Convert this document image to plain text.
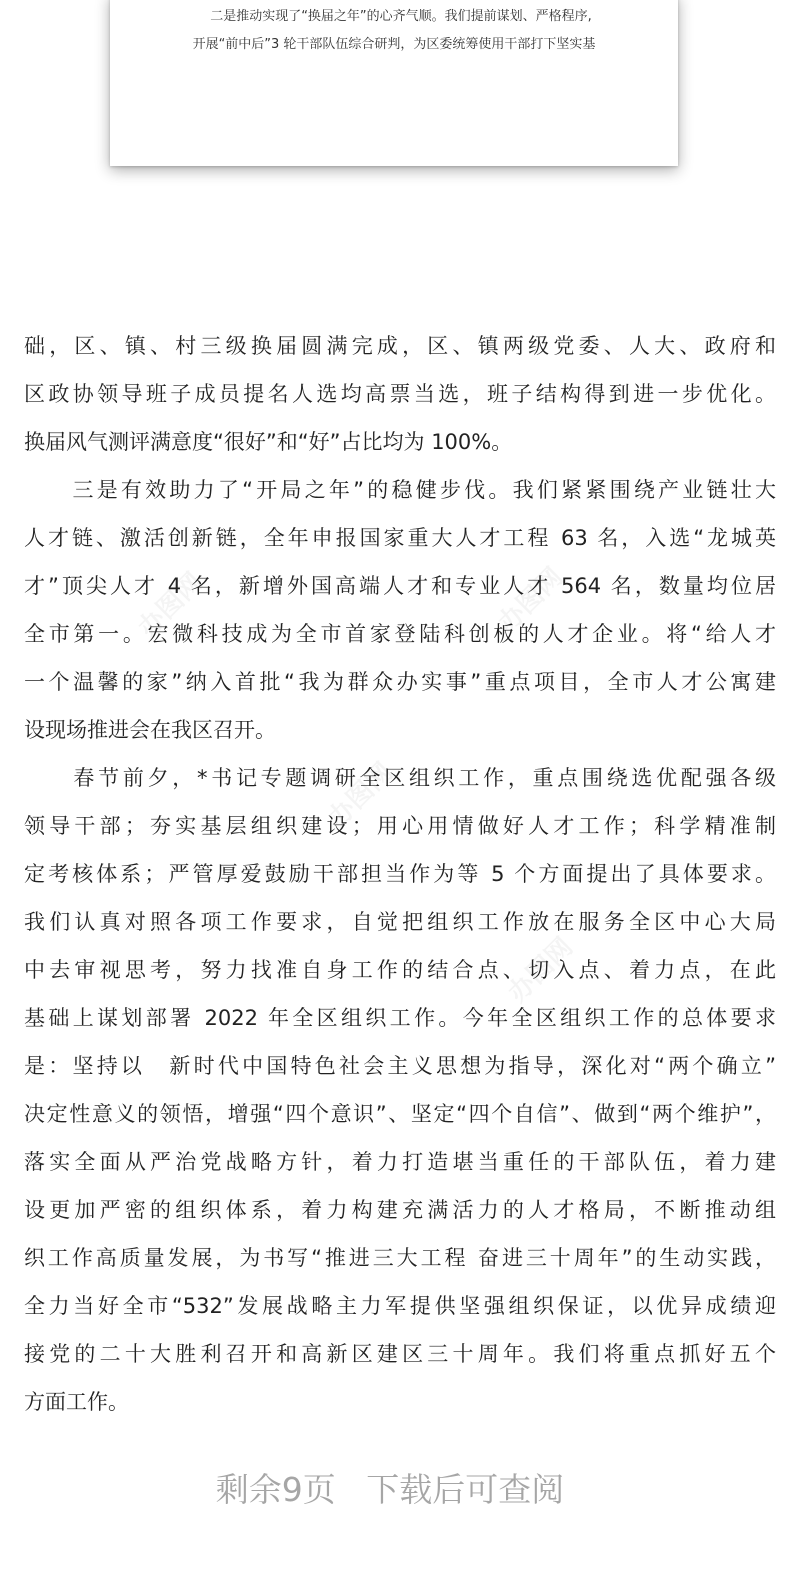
二是推动实现了“换届之年”的心齐气顺。我们提前谋划、严格程序,
开展“前中后”3 轮干部队伍综合研判，为区委统筹使用干部打下坚实基
础，区、镇、村三级换届圆满完成，区、镇两级党委、人大、政府和
区政协领导班子成员提名人选均高票当选，班子结构得到进一步优化。
换届风气测评满意度“很好”和“好”占比均为 100%。
　　三是有效助力了“开局之年”的稳健步伐。我们紧紧围绕产业链壮大
人才链、激活创新链，全年申报国家重大人才工程 63 名，入选“龙城英
才”顶尖人才 4 名，新增外国高端人才和专业人才 564 名，数量均位居
全市第一。宏微科技成为全市首家登陆科创板的人才企业。将“给人才
一个温馨的家”纳入首批“我为群众办实事”重点项目，全市人才公寓建
设现场推进会在我区召开。
　　春节前夕，*书记专题调研全区组织工作，重点围绕选优配强各级
领导干部；夯实基层组织建设；用心用情做好人才工作；科学精准制
定考核体系；严管厚爱鼓励干部担当作为等 5 个方面提出了具体要求。
我们认真对照各项工作要求，自觉把组织工作放在服务全区中心大局
中去审视思考，努力找准自身工作的结合点、切入点、着力点，在此
基础上谋划部署 2022 年全区组织工作。今年全区组织工作的总体要求
是：坚持以　新时代中国特色社会主义思想为指导，深化对“两个确立”
决定性意义的领悟，增强“四个意识”、坚定“四个自信”、做到“两个维护”，
落实全面从严治党战略方针，着力打造堪当重任的干部队伍，着力建
设更加严密的组织体系，着力构建充满活力的人才格局，不断推动组
织工作高质量发展，为书写“推进三大工程 奋进三十周年”的生动实践，
全力当好全市“532”发展战略主力军提供坚强组织保证，以优异成绩迎
接党的二十大胜利召开和高新区建区三十周年。我们将重点抓好五个
方面工作。
剩余9页 下载后可查阅
